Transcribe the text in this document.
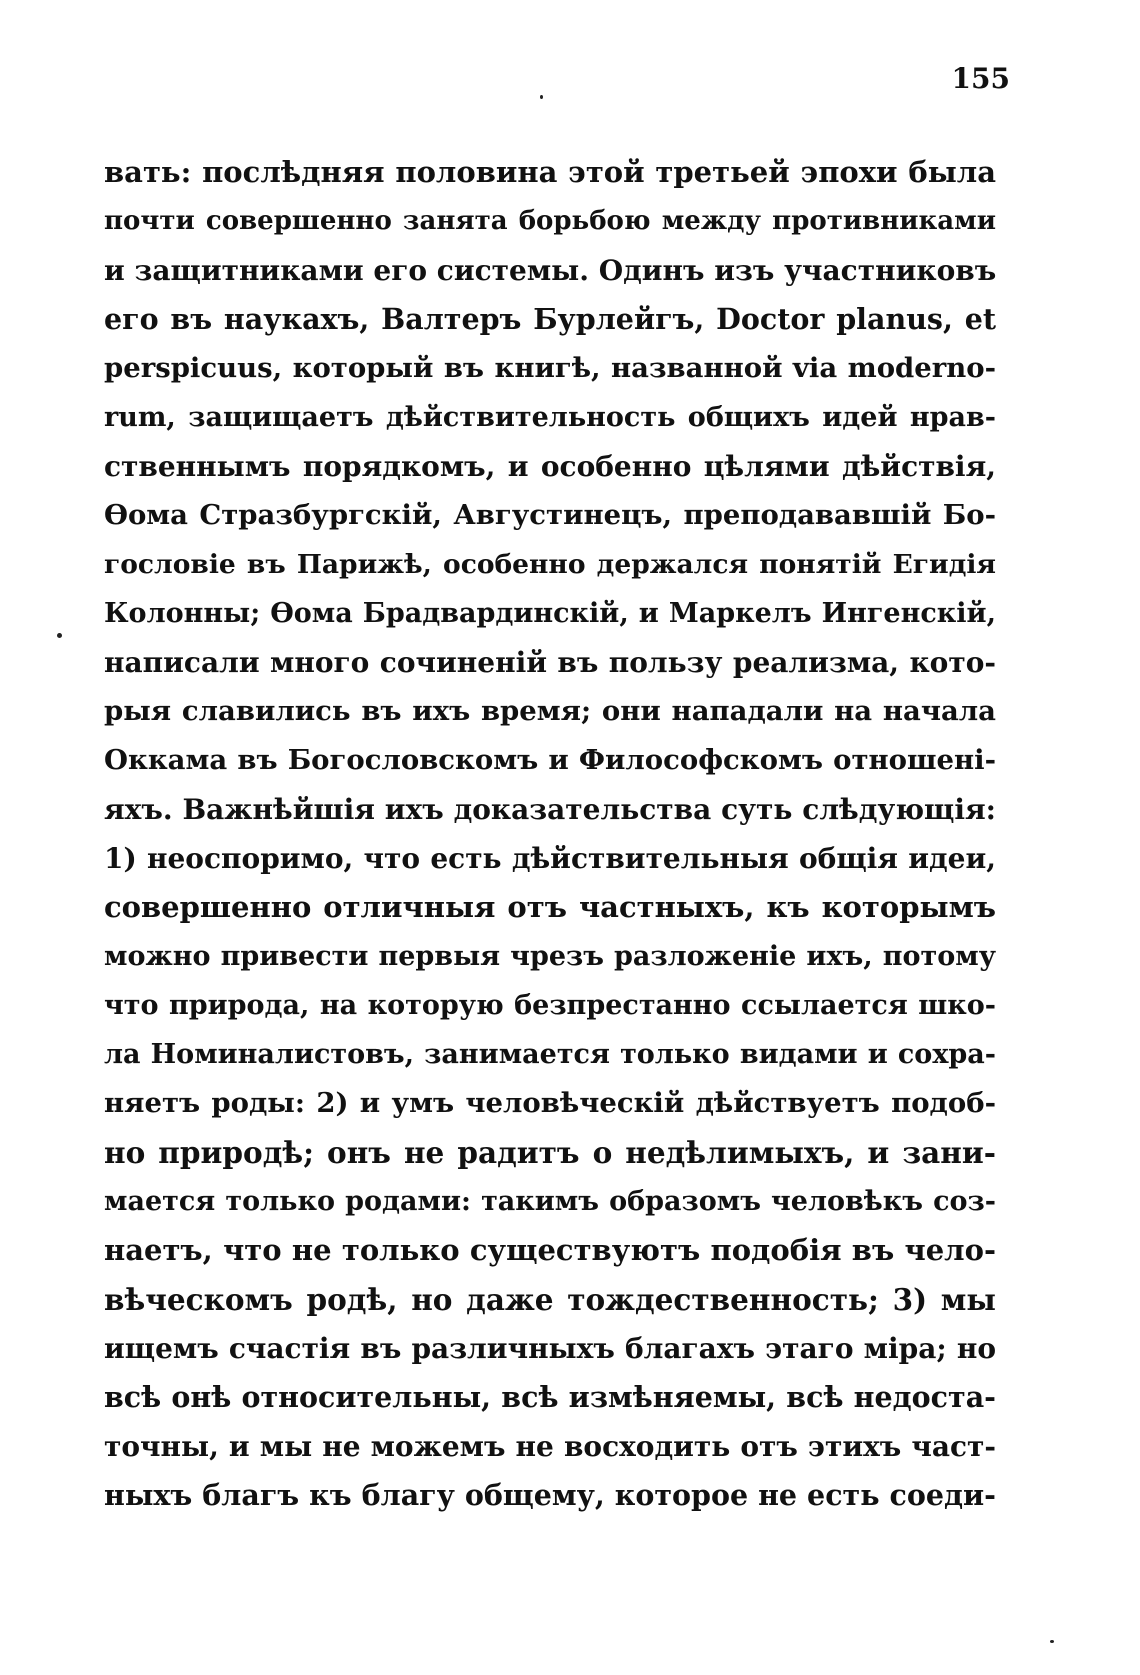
155
вать: послѣдняя половина этой третьей эпохи была
почти совершенно занята борьбою между противниками
и защитниками его системы. Одинъ изъ участниковъ
его въ наукахъ, Валтеръ Бурлейгъ, Doctor planus, et
perspicuus, который въ книгѣ, названной via moderno-
rum, защищаетъ дѣйствительность общихъ идей нрав-
ственнымъ порядкомъ, и особенно цѣлями дѣйствія,
Ѳома Стразбургскій, Августинецъ, преподававшій Бо-
гословіе въ Парижѣ, особенно держался понятій Егидія
Колонны; Ѳома Брадвардинскій, и Маркелъ Ингенскій,
написали много сочиненій въ пользу реализма, кото-
рыя славились въ ихъ время; они нападали на начала
Оккама въ Богословскомъ и Философскомъ отношені-
яхъ. Важнѣйшія ихъ доказательства суть слѣдующія:
1) неоспоримо, что есть дѣйствительныя общія идеи,
совершенно отличныя отъ частныхъ, къ которымъ
можно привести первыя чрезъ разложеніе ихъ, потому
что природа, на которую безпрестанно ссылается шко-
ла Номиналистовъ, занимается только видами и сохра-
няетъ роды: 2) и умъ человѣческій дѣйствуетъ подоб-
но природѣ; онъ не радитъ о недѣлимыхъ, и зани-
мается только родами: такимъ образомъ человѣкъ соз-
наетъ, что не только существуютъ подобія въ чело-
вѣческомъ родѣ, но даже тождественность; 3) мы
ищемъ счастія въ различныхъ благахъ этаго міра; но
всѣ онѣ относительны, всѣ измѣняемы, всѣ недоста-
точны, и мы не можемъ не восходить отъ этихъ част-
ныхъ благъ къ благу общему, которое не есть соеди-
